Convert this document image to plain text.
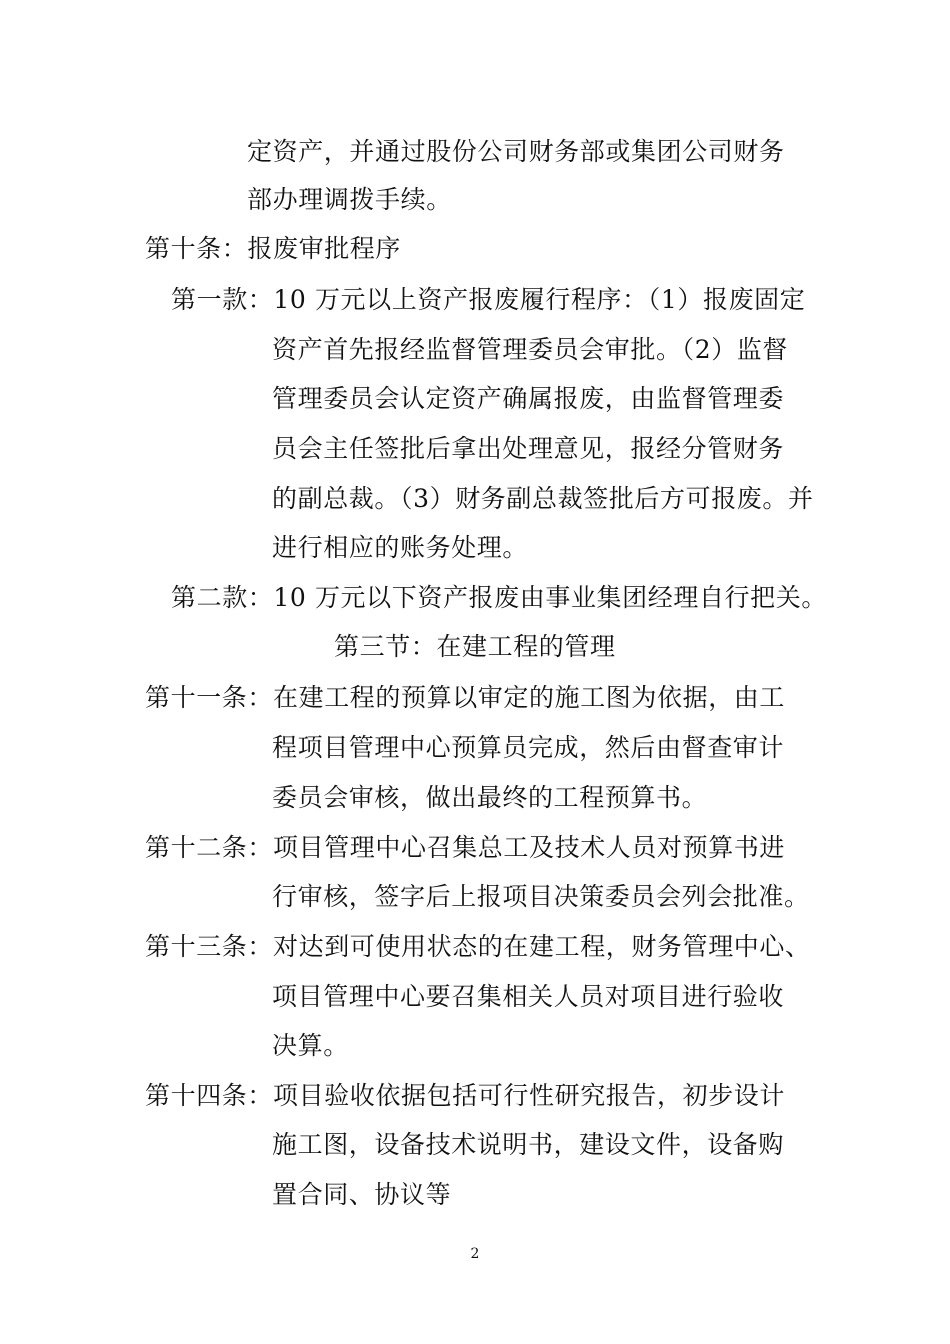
定资产，并通过股份公司财务部或集团公司财务
部办理调拨手续。
第十条：报废审批程序
第一款：10 万元以上资产报废履行程序：（1）报废固定
资产首先报经监督管理委员会审批。（2）监督
管理委员会认定资产确属报废，由监督管理委
员会主任签批后拿出处理意见，报经分管财务
的副总裁。（3）财务副总裁签批后方可报废。并
进行相应的账务处理。
第二款：10 万元以下资产报废由事业集团经理自行把关。
第三节：在建工程的管理
第十一条：在建工程的预算以审定的施工图为依据，由工
程项目管理中心预算员完成，然后由督查审计
委员会审核，做出最终的工程预算书。
第十二条：项目管理中心召集总工及技术人员对预算书进
行审核，签字后上报项目决策委员会列会批准。
第十三条：对达到可使用状态的在建工程，财务管理中心、
项目管理中心要召集相关人员对项目进行验收
决算。
第十四条：项目验收依据包括可行性研究报告，初步设计
施工图，设备技术说明书，建设文件，设备购
置合同、协议等
2
